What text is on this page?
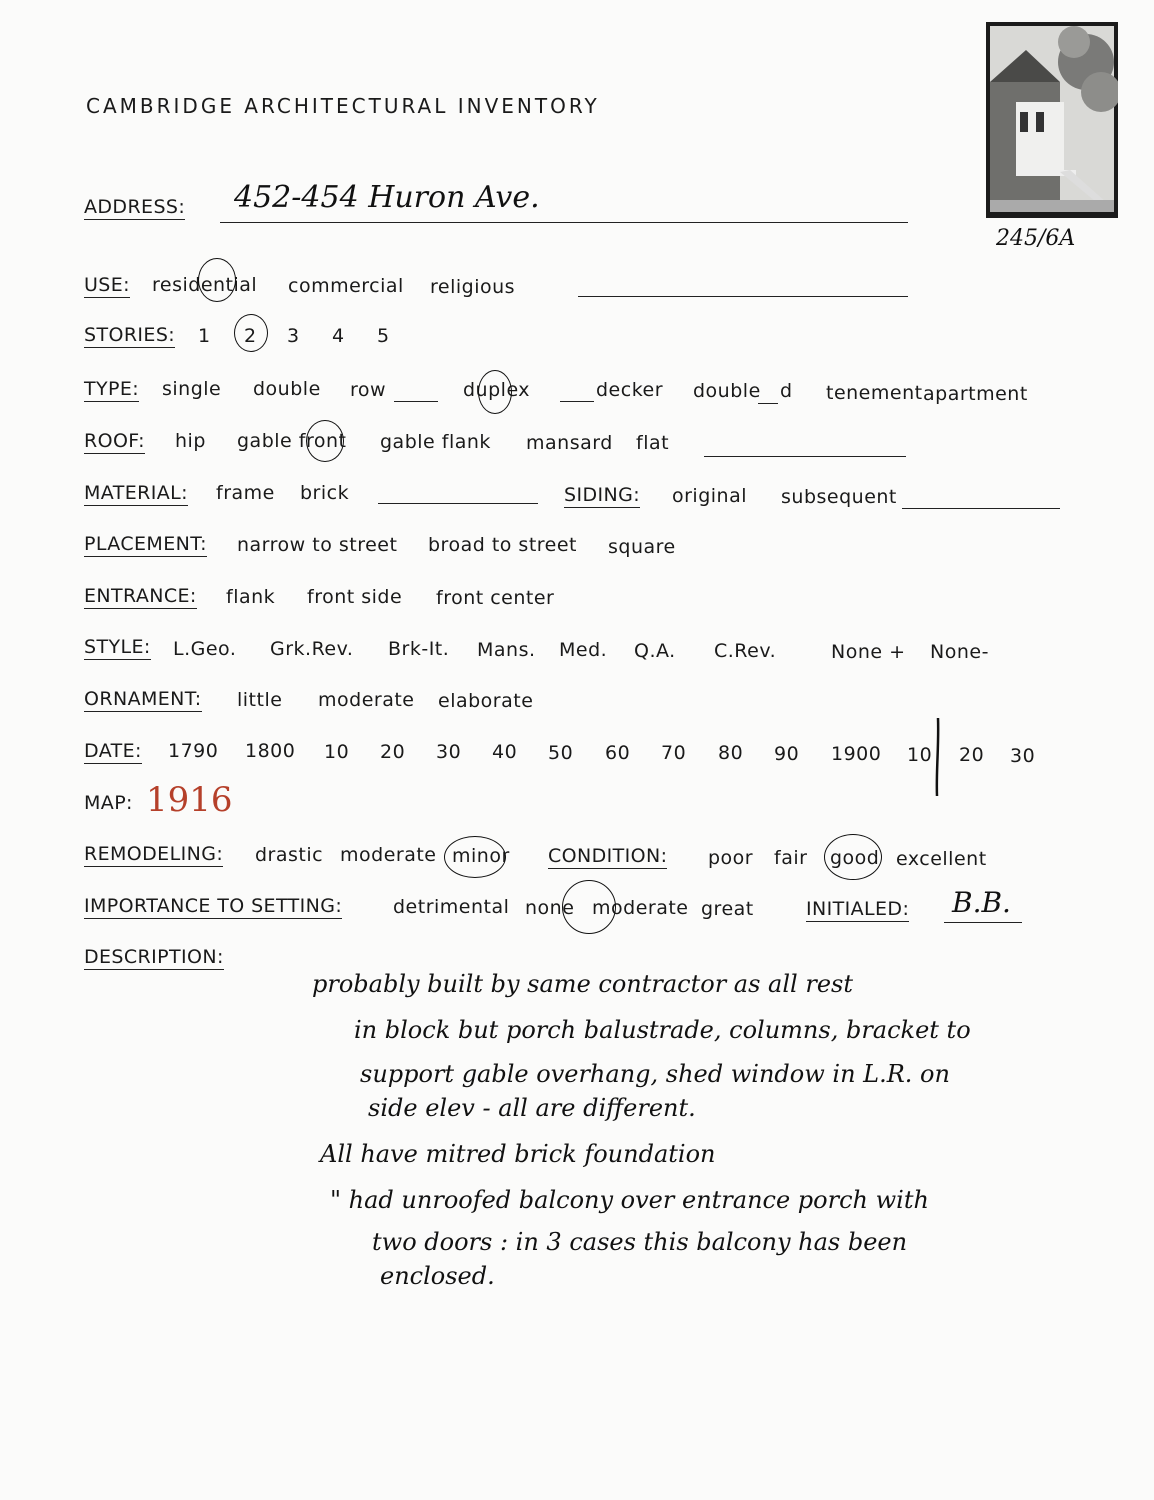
CAMBRIDGE ARCHITECTURAL INVENTORY
245/6A
ADDRESS: 452-454 Huron Ave.
USE: residential commercial religious
STORIES: 1 2 3 4 5
TYPE: single double row	duplex	decker double d tenement apartment
ROOF: hip gable front gable flank mansard flat
MATERIAL: frame brick	SIDING: original subsequent
PLACEMENT: narrow to street broad to street square
ENTRANCE: flank front side front center
STYLE: L.Geo. Grk.Rev. Brk-It. Mans. Med. Q.A. C.Rev.	None + None-
ORNAMENT: little moderate elaborate
DATE: 1790 1800 10 20 30 40 50 60 70 80 90 1900 10 20 30
MAP: 1916
REMODELING: drastic moderate minor CONDITION: poor fair good excellent
IMPORTANCE TO SETTING:	detrimental none moderate great	INITIALED: B.B.
DESCRIPTION:
probably built by same contractor as all rest
in block but porch balustrade, columns, bracket to
support gable overhang, shed window in L.R. on
side elev - all are different.
All have mitred brick foundation
" had unroofed balcony over entrance porch with
two doors : in 3 cases this balcony has been
enclosed.
